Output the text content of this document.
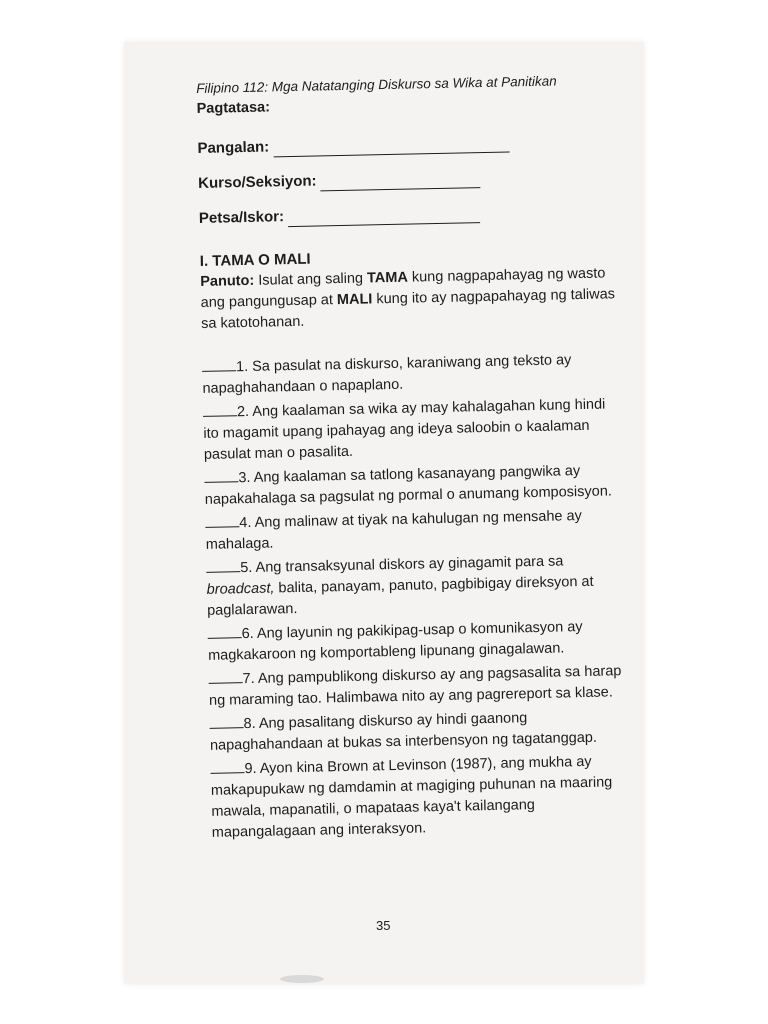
Filipino 112: Mga Natatanging Diskurso sa Wika at Panitikan
Pagtatasa:
Pangalan:
Kurso/Seksiyon:
Petsa/Iskor:
I. TAMA O MALI
Panuto: Isulat ang saling TAMA kung nagpapahayag ng wasto ang pangungusap at MALI kung ito ay nagpapahayag ng taliwas sa katotohanan.
1. Sa pasulat na diskurso, karaniwang ang teksto ay napaghahandaan o napaplano.
2. Ang kaalaman sa wika ay may kahalagahan kung hindi ito magamit upang ipahayag ang ideya saloobin o kaalaman pasulat man o pasalita.
3. Ang kaalaman sa tatlong kasanayang pangwika ay napakahalaga sa pagsulat ng pormal o anumang komposisyon.
4. Ang malinaw at tiyak na kahulugan ng mensahe ay mahalaga.
5. Ang transaksyunal diskors ay ginagamit para sa broadcast, balita, panayam, panuto, pagbibigay direksyon at paglalarawan.
6. Ang layunin ng pakikipag-usap o komunikasyon ay magkakaroon ng komportableng lipunang ginagalawan.
7. Ang pampublikong diskurso ay ang pagsasalita sa harap ng maraming tao. Halimbawa nito ay ang pagrereport sa klase.
8. Ang pasalitang diskurso ay hindi gaanong napaghahandaan at bukas sa interbensyon ng tagatanggap.
9. Ayon kina Brown at Levinson (1987), ang mukha ay makapupukaw ng damdamin at magiging puhunan na maaring mawala, mapanatili, o mapataas kaya't kailangang mapangalagaan ang interaksyon.
35
